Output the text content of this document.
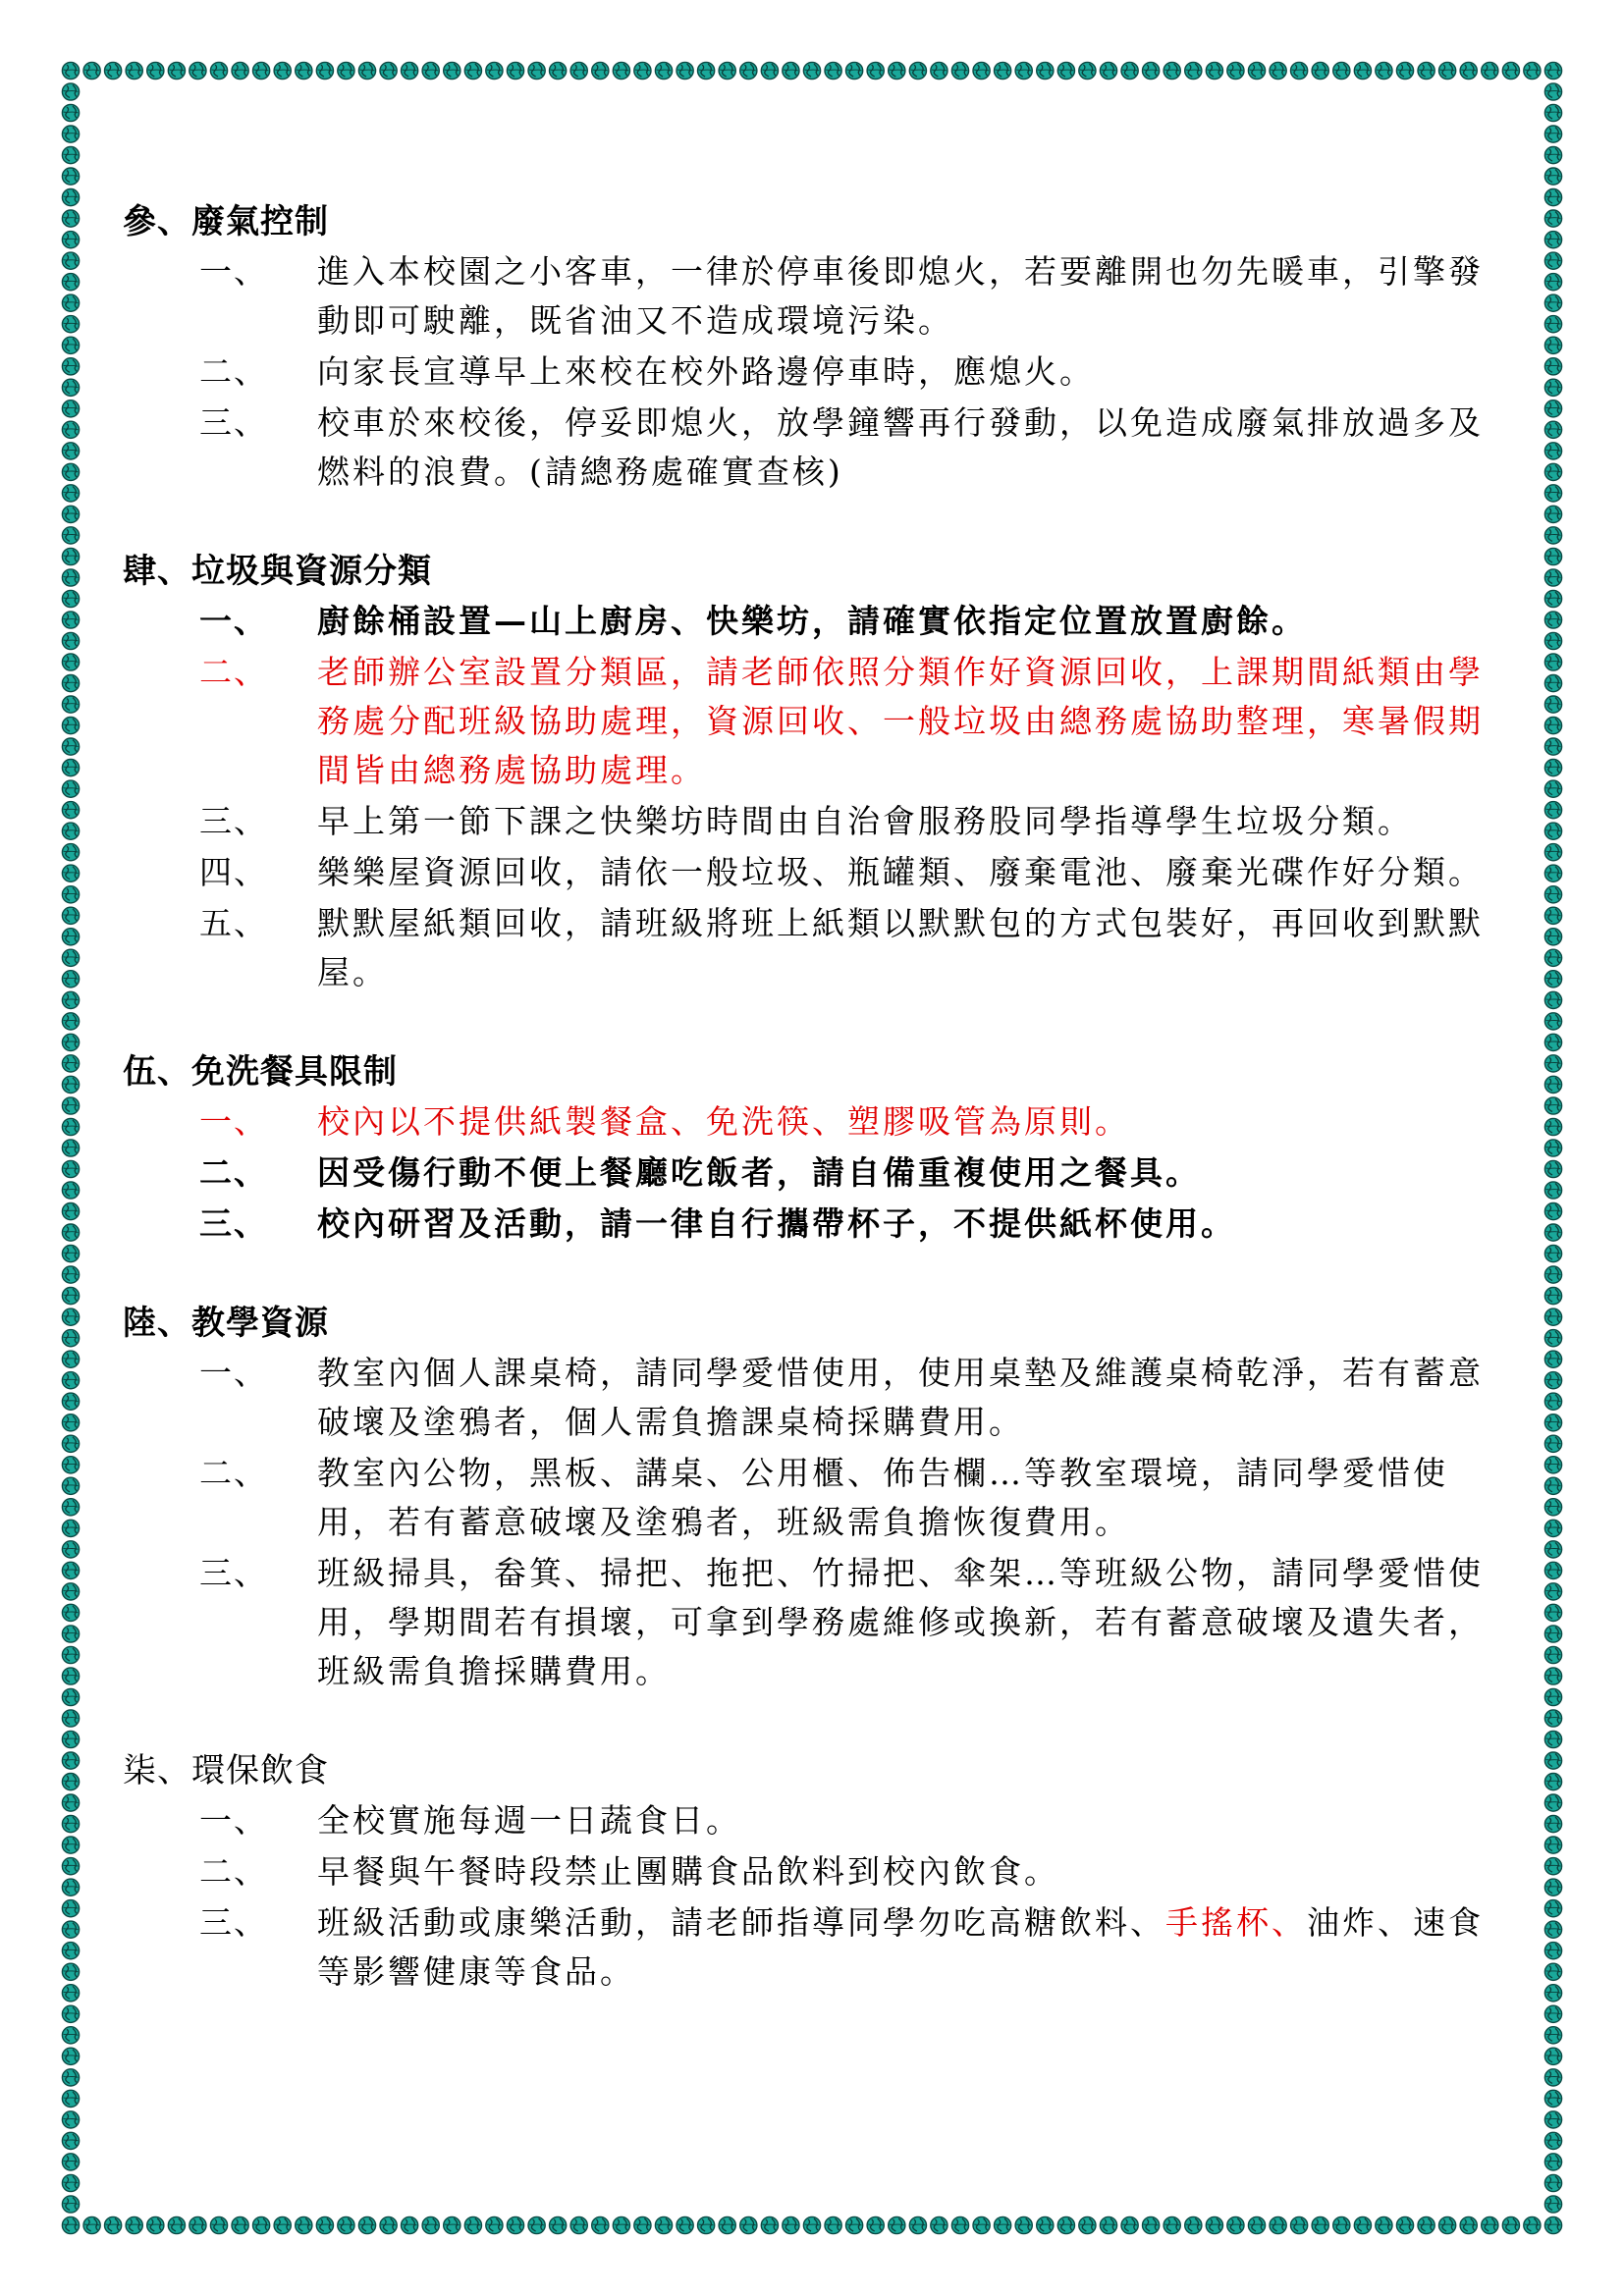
參、廢氣控制
一、	進入本校園之小客車，一律於停車後即熄火，若要離開也勿先暖車，引擎發動即可駛離，既省油又不造成環境污染。
二、	向家長宣導早上來校在校外路邊停車時，應熄火。
三、	校車於來校後，停妥即熄火，放學鐘響再行發動，以免造成廢氣排放過多及燃料的浪費。(請總務處確實查核)
肆、垃圾與資源分類
一、	廚餘桶設置—山上廚房、快樂坊，請確實依指定位置放置廚餘。
二、	老師辦公室設置分類區，請老師依照分類作好資源回收，上課期間紙類由學務處分配班級協助處理，資源回收、一般垃圾由總務處協助整理，寒暑假期間皆由總務處協助處理。
三、	早上第一節下課之快樂坊時間由自治會服務股同學指導學生垃圾分類。
四、	樂樂屋資源回收，請依一般垃圾、瓶罐類、廢棄電池、廢棄光碟作好分類。
五、	默默屋紙類回收，請班級將班上紙類以默默包的方式包裝好，再回收到默默屋。
伍、免洗餐具限制
一、	校內以不提供紙製餐盒、免洗筷、塑膠吸管為原則。
二、	因受傷行動不便上餐廳吃飯者，請自備重複使用之餐具。
三、	校內研習及活動，請一律自行攜帶杯子，不提供紙杯使用。
陸、教學資源
一、	教室內個人課桌椅，請同學愛惜使用，使用桌墊及維護桌椅乾淨，若有蓄意破壞及塗鴉者，個人需負擔課桌椅採購費用。
二、	教室內公物，黑板、講桌、公用櫃、佈告欄…等教室環境，請同學愛惜使用，若有蓄意破壞及塗鴉者，班級需負擔恢復費用。
三、	班級掃具，畚箕、掃把、拖把、竹掃把、傘架…等班級公物，請同學愛惜使用，學期間若有損壞，可拿到學務處維修或換新，若有蓄意破壞及遺失者，班級需負擔採購費用。
柒、環保飲食
一、	全校實施每週一日蔬食日。
二、	早餐與午餐時段禁止團購食品飲料到校內飲食。
三、	班級活動或康樂活動，請老師指導同學勿吃高糖飲料、手搖杯、油炸、速食等影響健康等食品。
